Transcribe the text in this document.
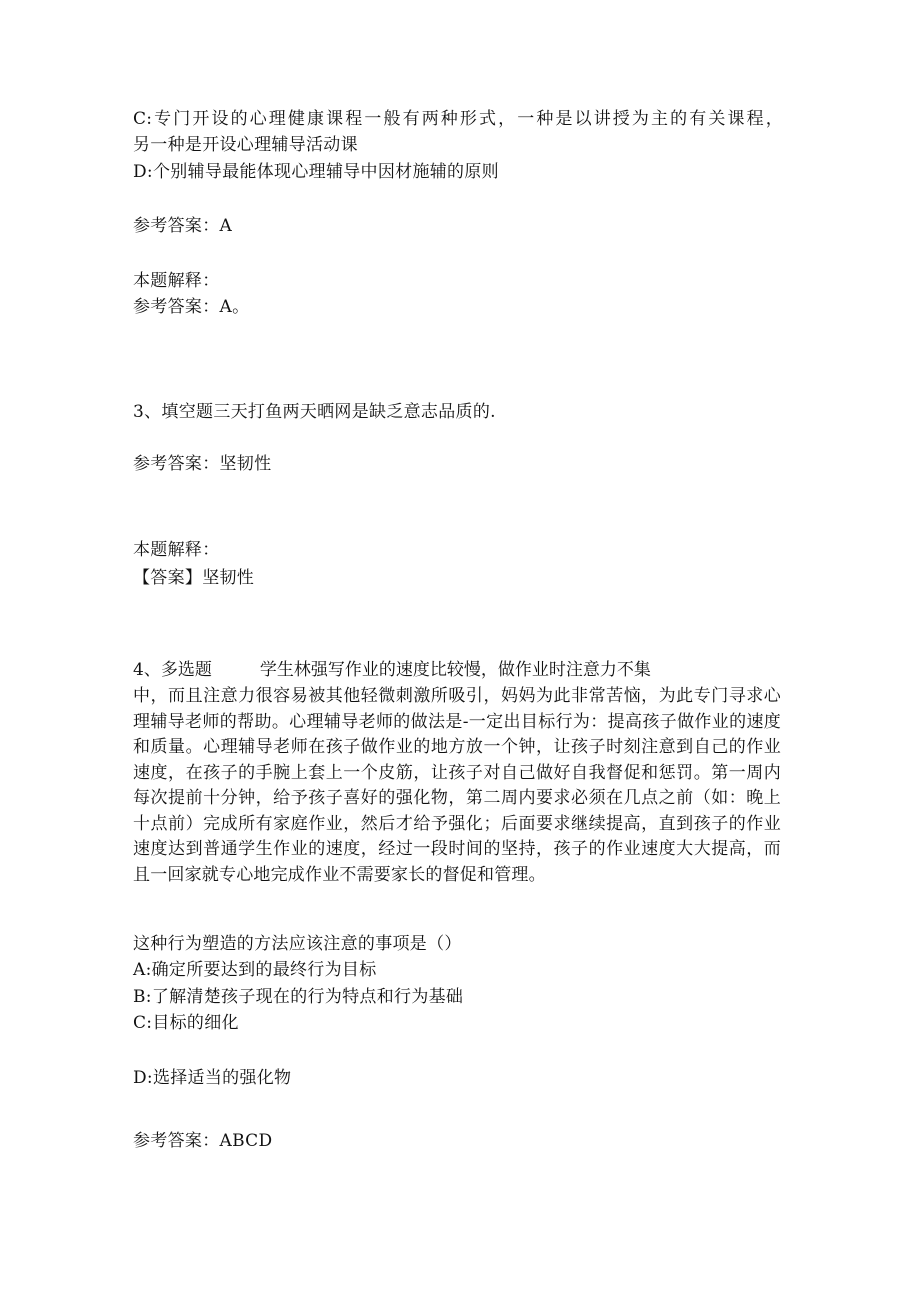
C:专门开设的心理健康课程一般有两种形式，一种是以讲授为主的有关课程，
另一种是开设心理辅导活动课
D:个别辅导最能体现心理辅导中因材施辅的原则
参考答案：A
本题解释：
参考答案：A。
3、填空题三天打鱼两天晒网是缺乏意志品质的.
参考答案：坚韧性
本题解释：
【答案】坚韧性
4、多选题	学生林强写作业的速度比较慢，做作业时注意力不集
中，而且注意力很容易被其他轻微刺激所吸引，妈妈为此非常苦恼，为此专门寻求心理辅导老师的帮助。心理辅导老师的做法是-一定出目标行为：提高孩子做作业的速度和质量。心理辅导老师在孩子做作业的地方放一个钟，让孩子时刻注意到自己的作业速度，在孩子的手腕上套上一个皮筋，让孩子对自己做好自我督促和惩罚。第一周内每次提前十分钟，给予孩子喜好的强化物，第二周内要求必须在几点之前（如：晚上十点前）完成所有家庭作业，然后才给予强化；后面要求继续提高，直到孩子的作业速度达到普通学生作业的速度，经过一段时间的坚持，孩子的作业速度大大提高，而且一回家就专心地完成作业不需要家长的督促和管理。
这种行为塑造的方法应该注意的事项是（）
A:确定所要达到的最终行为目标
B:了解清楚孩子现在的行为特点和行为基础
C:目标的细化
D:选择适当的强化物
参考答案：ABCD
